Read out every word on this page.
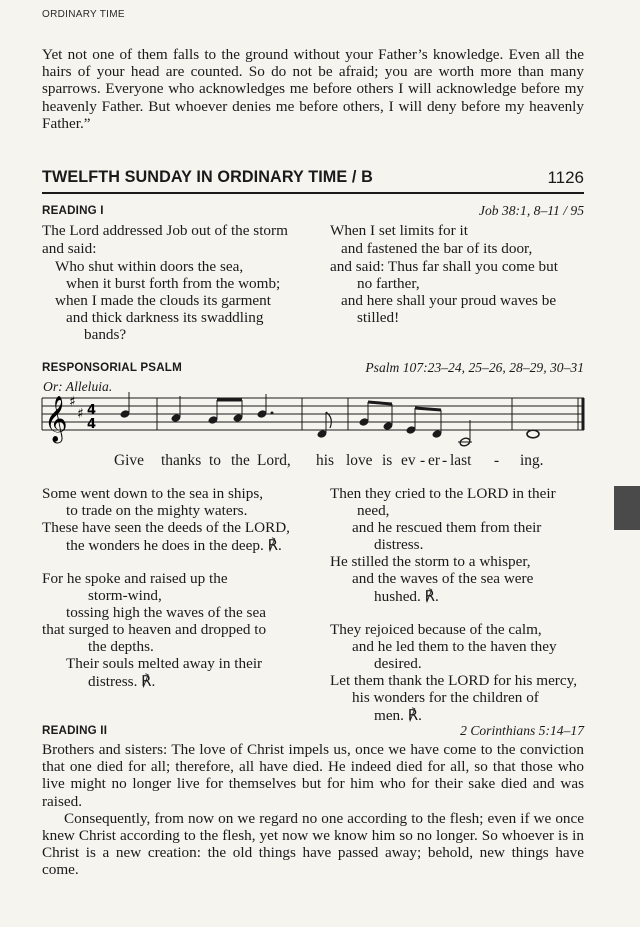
ORDINARY TIME
Yet not one of them falls to the ground without your Father’s knowledge. Even all the hairs of your head are counted. So do not be afraid; you are worth more than many sparrows. Everyone who acknowledges me before others I will acknowledge before my heavenly Father. But whoever denies me before others, I will deny before my heavenly Father.”
TWELFTH SUNDAY IN ORDINARY TIME / B	1126
READING I	Job 38:1, 8–11 / 95
The Lord addressed Job out of the storm
and said:
Who shut within doors the sea,
when it burst forth from the womb;
when I made the clouds its garment
and thick darkness its swaddling
bands?
When I set limits for it
and fastened the bar of its door,
and said: Thus far shall you come but
no farther,
and here shall your proud waves be
stilled!
RESPONSORIAL PSALM	Psalm 107:23–24, 25–26, 28–29, 30–31
Or: Alleluia.
𝄞 ♯
♯ 4
4
Give thanks to the Lord, his love is ev - er - last - ing.
Some went down to the sea in ships,
to trade on the mighty waters.
These have seen the deeds of the LORD,
the wonders he does in the deep. ℟.
For he spoke and raised up the
storm-wind,
tossing high the waves of the sea
that surged to heaven and dropped to
the depths.
Their souls melted away in their
distress. ℟.
Then they cried to the LORD in their
need,
and he rescued them from their
distress.
He stilled the storm to a whisper,
and the waves of the sea were
hushed. ℟.
They rejoiced because of the calm,
and he led them to the haven they
desired.
Let them thank the LORD for his mercy,
his wonders for the children of
men. ℟.
READING II	2 Corinthians 5:14–17

Brothers and sisters: The love of Christ impels us, once we have come to the conviction that one died for all; therefore, all have died. He indeed died for all, so that those who live might no longer live for themselves but for him who for their sake died and was raised.

Consequently, from now on we regard no one according to the flesh; even if we once knew Christ according to the flesh, yet now we know him so no longer. So whoever is in Christ is a new creation: the old things have passed away; behold, new things have come.
